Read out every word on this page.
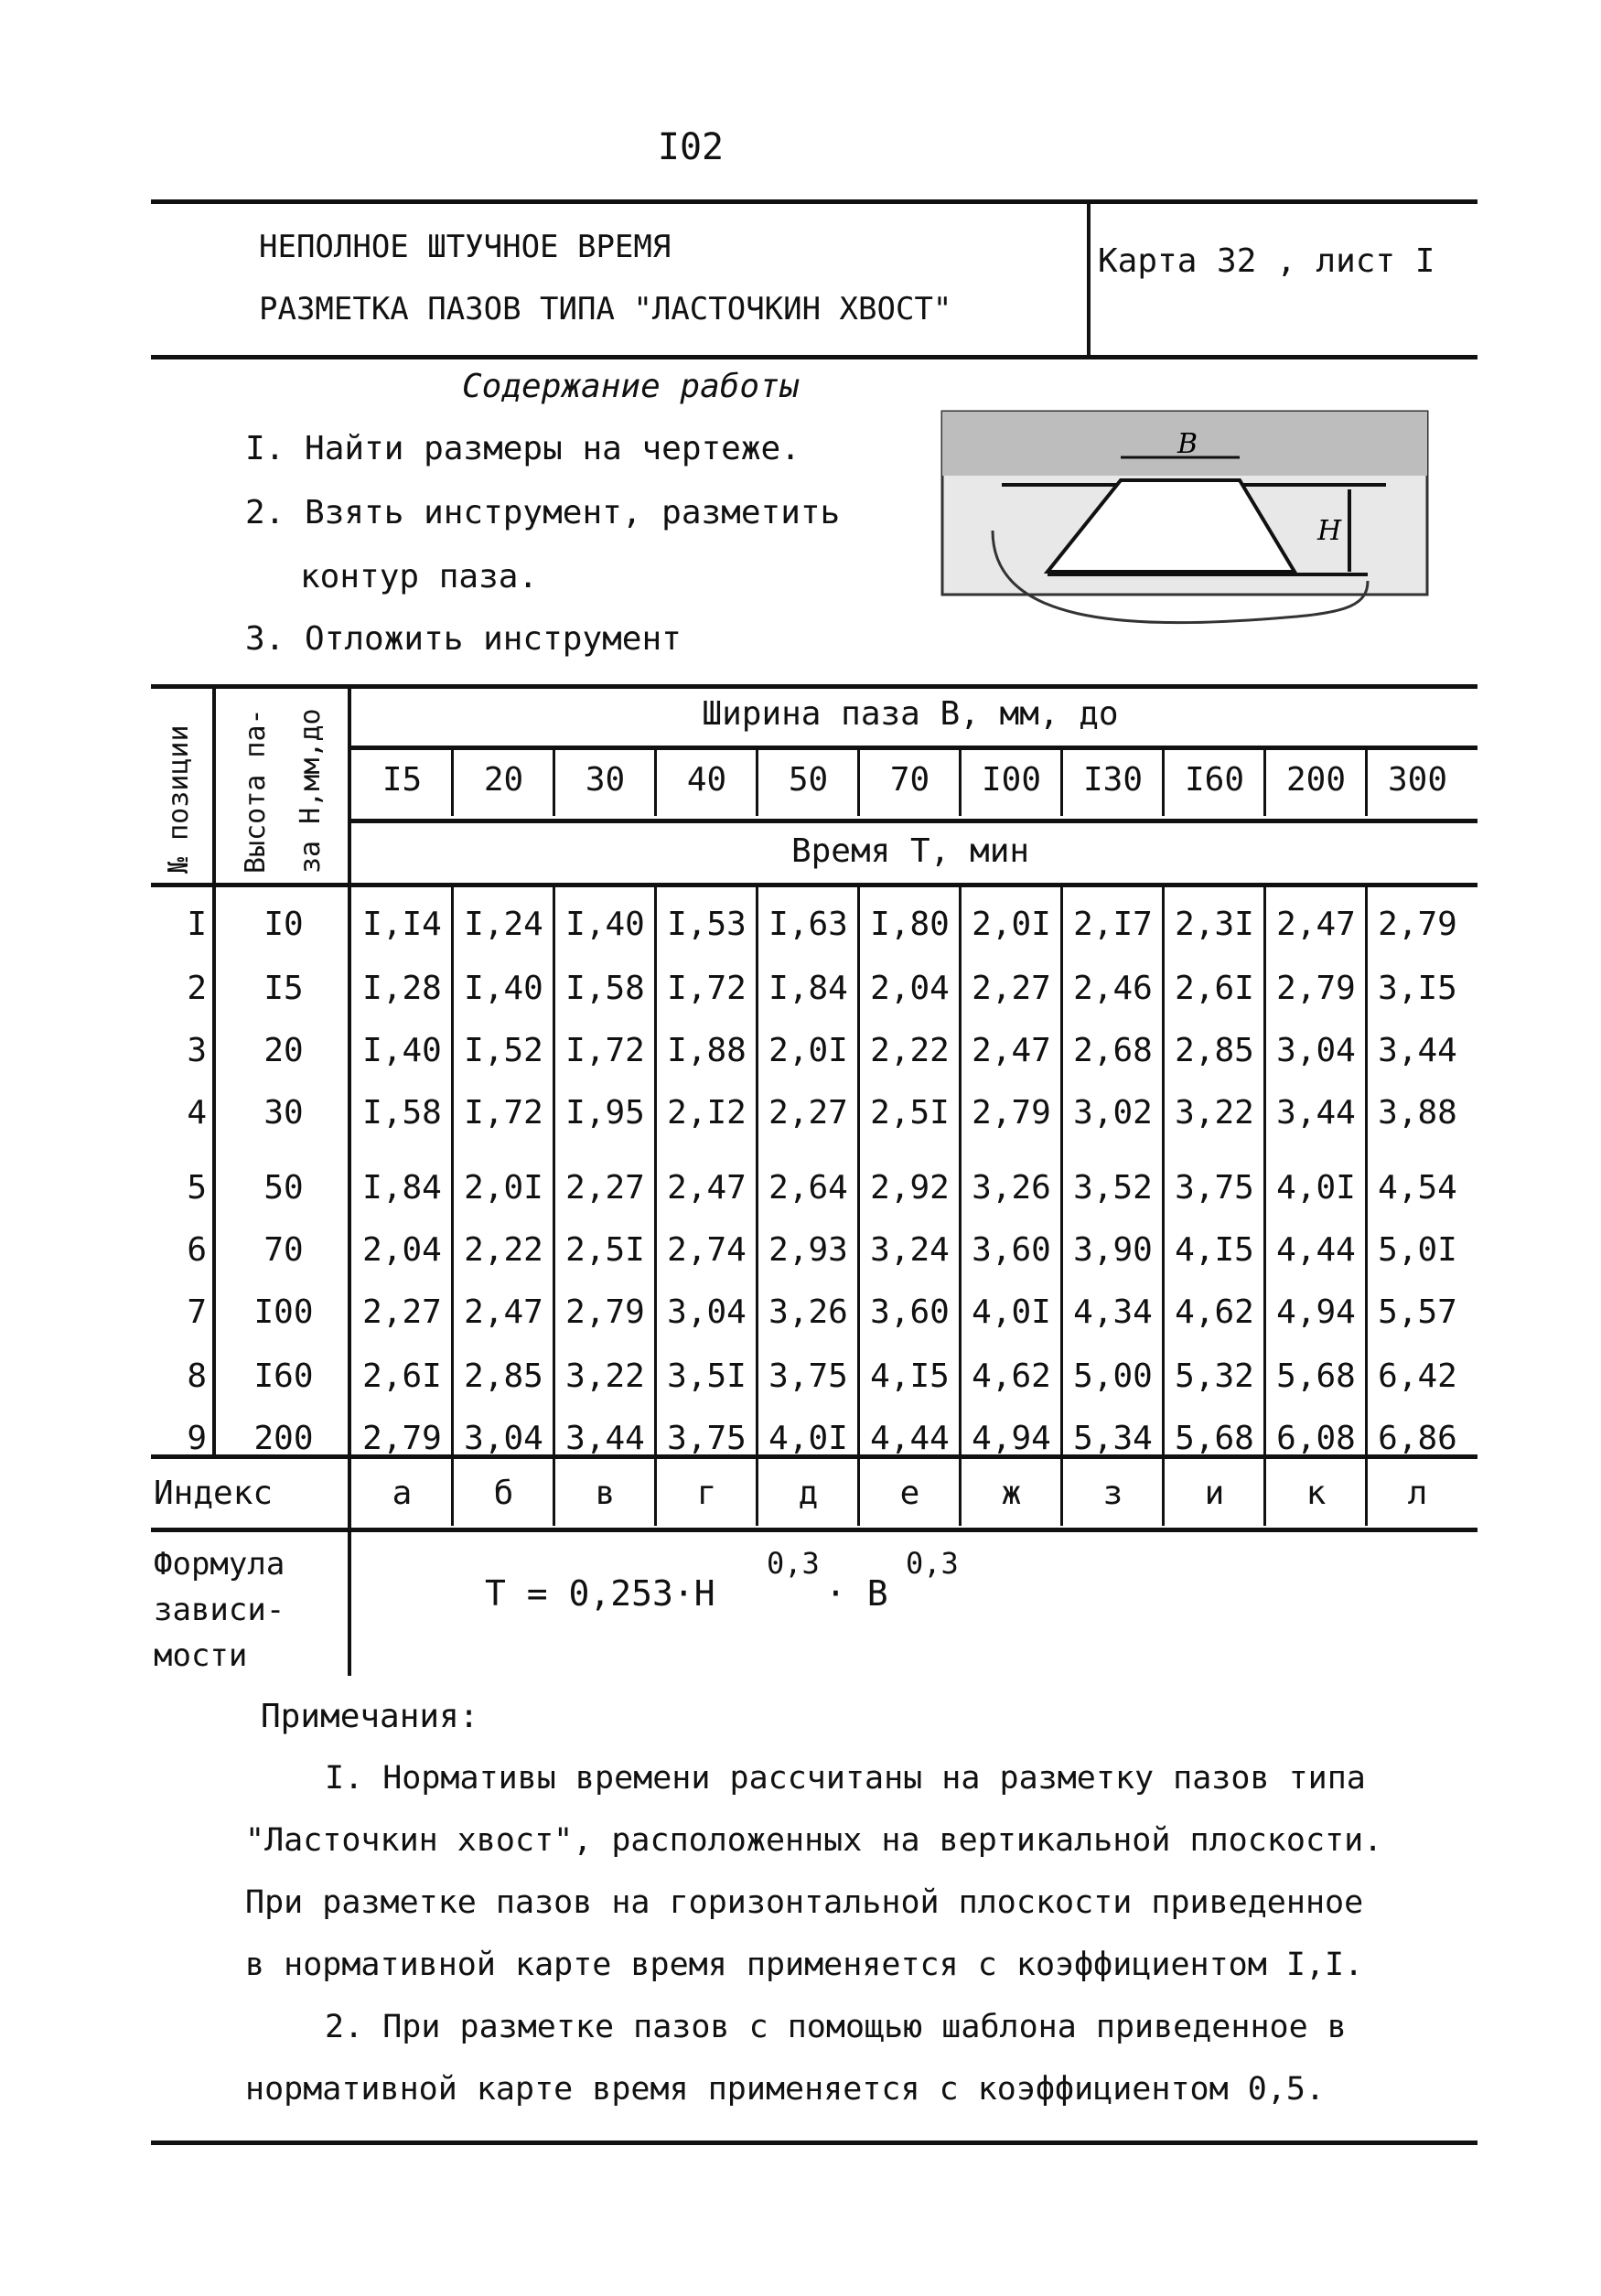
I02
НЕПОЛНОЕ ШТУЧНОЕ ВРЕМЯ
РАЗМЕТКА ПАЗОВ ТИПА "ЛАСТОЧКИН ХВОСТ"
Карта 32 , лист I
Содержание работы
I. Найти размеры на чертеже.
2. Взять инструмент, разметить
контур паза.
3. Отложить инструмент
B
H
№ позиции Высота па- за Н,мм,до	Ширина паза В, мм, до
Время Т, мин
I5	20	30	40	50	70	I00	I30	I60	200	300
I	I0	I,I4 I,24 I,40 I,53 I,63 I,80 2,0I 2,I7 2,3I 2,47 2,79
2	I5	I,28 I,40 I,58 I,72 I,84 2,04 2,27 2,46 2,6I 2,79 3,I5
3	20	I,40 I,52 I,72 I,88 2,0I 2,22 2,47 2,68 2,85 3,04 3,44
4	30	I,58 I,72 I,95 2,I2 2,27 2,5I 2,79 3,02 3,22 3,44 3,88
5	50	I,84 2,0I 2,27 2,47 2,64 2,92 3,26 3,52 3,75 4,0I 4,54
6	70	2,04 2,22 2,5I 2,74 2,93 3,24 3,60 3,90 4,I5 4,44 5,0I
7	I00	2,27 2,47 2,79 3,04 3,26 3,60 4,0I 4,34 4,62 4,94 5,57
8	I60	2,6I 2,85 3,22 3,5I 3,75 4,I5 4,62 5,00 5,32 5,68 6,42
9	200	2,79 3,04 3,44 3,75 4,0I 4,44 4,94 5,34 5,68 6,08 6,86
Индекс	а	б	в	г	д	е	ж	з	и	к	л
Формула
зависи-
мости
T = 0,253·H
0,3
· B
0,3
Примечания:
I. Нормативы времени рассчитаны на разметку пазов типа
"Ласточкин хвост", расположенных на вертикальной плоскости.
При разметке пазов на горизонтальной плоскости приведенное
в нормативной карте время применяется с коэффициентом I,I.
2. При разметке пазов с помощью шаблона приведенное в
нормативной карте время применяется с коэффициентом 0,5.
